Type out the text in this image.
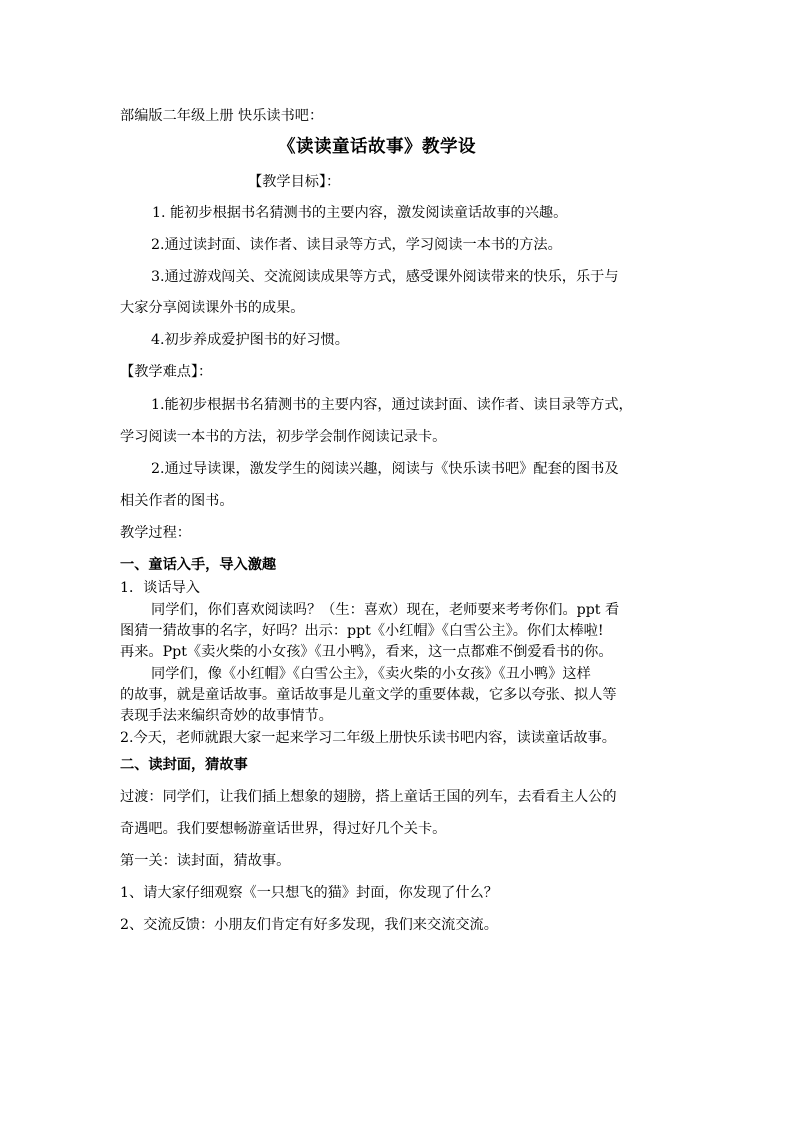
部编版二年级上册 快乐读书吧：
《读读童话故事》教学设
【教学目标】：
1. 能初步根据书名猜测书的主要内容，激发阅读童话故事的兴趣。
2.通过读封面、读作者、读目录等方式，学习阅读一本书的方法。
3.通过游戏闯关、交流阅读成果等方式，感受课外阅读带来的快乐，乐于与
大家分享阅读课外书的成果。
4.初步养成爱护图书的好习惯。
【教学难点】：
1.能初步根据书名猜测书的主要内容，通过读封面、读作者、读目录等方式，
学习阅读一本书的方法，初步学会制作阅读记录卡。
2.通过导读课，激发学生的阅读兴趣，阅读与《快乐读书吧》配套的图书及
相关作者的图书。
教学过程：
一、童话入手，导入激趣
1．谈话导入
同学们，你们喜欢阅读吗？（生：喜欢）现在，老师要来考考你们。ppt 看
图猜一猜故事的名字，好吗？出示：ppt《小红帽》《白雪公主》。你们太棒啦!
再来。Ppt《卖火柴的小女孩》《丑小鸭》，看来，这一点都难不倒爱看书的你。
同学们，像《小红帽》《白雪公主》，《卖火柴的小女孩》《丑小鸭》这样
的故事，就是童话故事。童话故事是儿童文学的重要体裁，它多以夸张、拟人等
表现手法来编织奇妙的故事情节。
2.今天，老师就跟大家一起来学习二年级上册快乐读书吧内容，读读童话故事。
二、读封面，猜故事
过渡：同学们，让我们插上想象的翅膀，搭上童话王国的列车，去看看主人公的
奇遇吧。我们要想畅游童话世界，得过好几个关卡。
第一关：读封面，猜故事。
1、请大家仔细观察《一只想飞的猫》封面，你发现了什么？
2、交流反馈：小朋友们肯定有好多发现，我们来交流交流。
